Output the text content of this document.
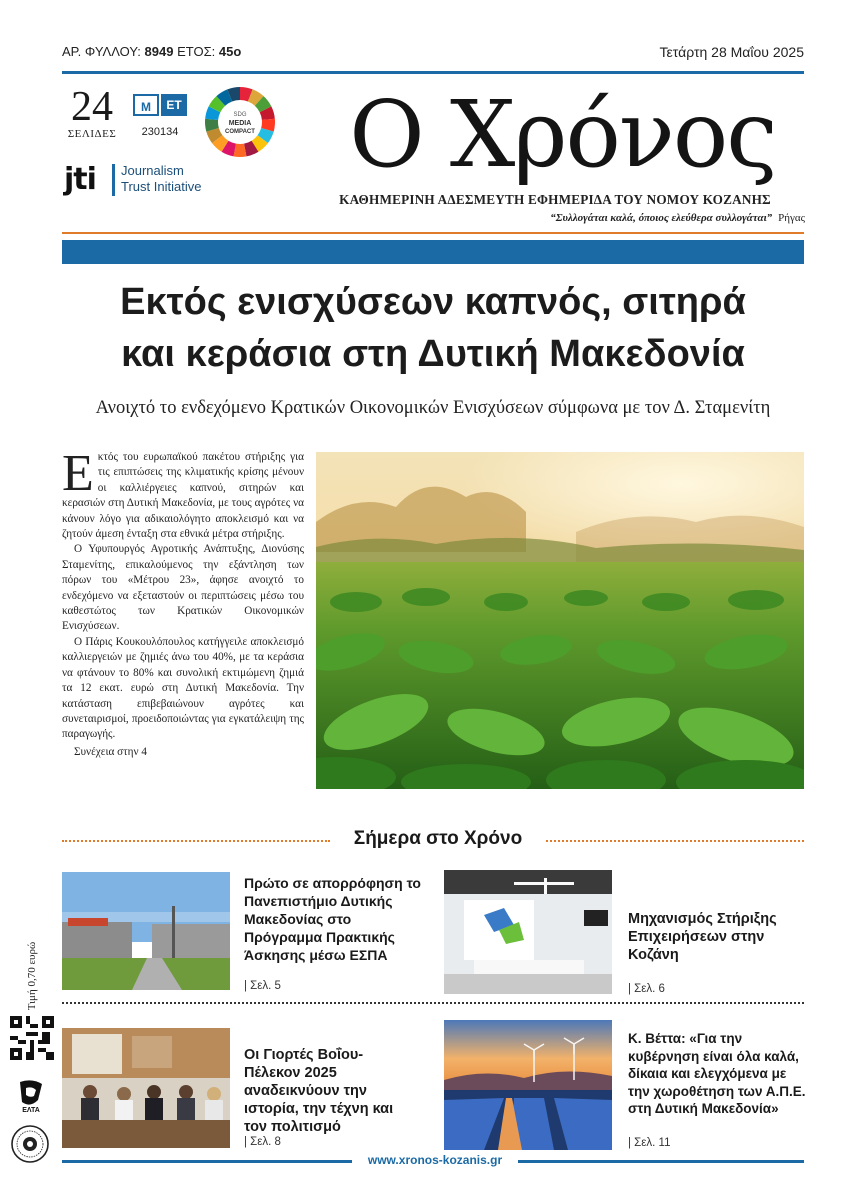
ΑΡ. ΦΥΛΛΟΥ: 8949 ΕΤΟΣ: 45ο	Τετάρτη 28 Μαΐου 2025
24
ΣΕΛΙΔΕΣ
Μ	ΕΤ
230134
SDG
MEDIA
COMPACT
jti Journalism
Trust Initiative	Ο Χρόνος
ΚΑΘΗΜΕΡΙΝΗ ΑΔΕΣΜΕΥΤΗ ΕΦΗΜΕΡΙΔΑ ΤΟΥ ΝΟΜΟΥ ΚΟΖΑΝΗΣ
“Συλλογάται καλά, όποιος ελεύθερα συλλογάται” Ρήγας
Εκτός ενισχύσεων καπνός, σιτηρά
και κεράσια στη Δυτική Μακεδονία
Ανοιχτό το ενδεχόμενο Κρατικών Οικονομικών Ενισχύσεων σύμφωνα με τον Δ. Σταμενίτη

Εκτός του ευρωπαϊκού πακέτου στήριξης για τις επιπτώσεις της κλιματικής κρίσης μένουν οι καλλιέργειες καπνού, σιτηρών και κερασιών στη Δυτική Μακεδονία, με τους αγρότες να κάνουν λόγο για αδικαιολόγητο αποκλεισμό και να ζητούν άμεση ένταξη στα εθνικά μέτρα στήριξης.

Ο Υφυπουργός Αγροτικής Ανάπτυξης, Διονύσης Σταμενίτης, επικαλούμενος την εξάντληση των πόρων του «Μέτρου 23», άφησε ανοιχτό το ενδεχόμενο να εξεταστούν οι περιπτώσεις μέσω του καθεστώτος των Κρατικών Οικονομικών Ενισχύσεων.

Ο Πάρις Κουκουλόπουλος κατήγγειλε αποκλεισμό καλλιεργειών με ζημιές άνω του 40%, με τα κεράσια να φτάνουν το 80% και συνολική εκτιμώμενη ζημιά τα 12 εκατ. ευρώ στη Δυτική Μακεδονία. Την κατάσταση επιβεβαιώνουν αγρότες και συνεταιρισμοί, προειδοποιώντας για εγκατάλειψη της παραγωγής.

Συνέχεια στην 4

Σήμερα στο Χρόνο
Τιμή 0,70 ευρώ
Πρώτο σε απορρόφηση το Πανεπιστήμιο Δυτικής Μακεδονίας στο Πρόγραμμα Πρακτικής Άσκησης μέσω ΕΣΠΑ
| Σελ. 5
Μηχανισμός Στήριξης Επιχειρήσεων στην Κοζάνη
| Σελ. 6
Οι Γιορτές Βοΐου-Πέλεκον 2025 αναδεικνύουν την ιστορία, την τέχνη και τον πολιτισμό
| Σελ. 8
Κ. Βέττα: «Για την κυβέρνηση είναι όλα καλά, δίκαια και ελεγχόμενα με την χωροθέτηση των Α.Π.Ε. στη Δυτική Μακεδονία»
| Σελ. 11
ΕΛΤΑ
www.xronos-kozanis.gr
